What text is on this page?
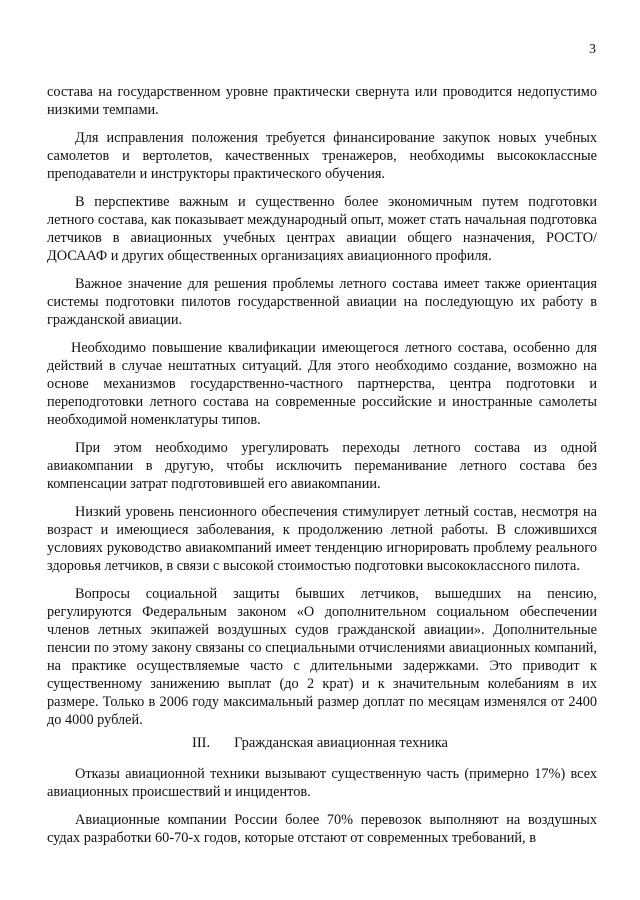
3

состава на государственном уровне практически свернута или проводится недопустимо низкими темпами.

Для исправления положения требуется финансирование закупок новых учебных самолетов и вертолетов, качественных тренажеров, необходимы высококлассные преподаватели и инструкторы практического обучения.

В перспективе важным и существенно более экономичным путем подготовки летного состава, как показывает международный опыт, может стать начальная подготовка летчиков в авиационных учебных центрах авиации общего назначения, РОСТО/ДОСААФ и других общественных организациях авиационного профиля.

Важное значение для решения проблемы летного состава имеет также ориентация системы подготовки пилотов государственной авиации на последующую их работу в гражданской авиации.

Необходимо повышение квалификации имеющегося летного состава, особенно для действий в случае нештатных ситуаций. Для этого необходимо создание, возможно на основе механизмов государственно-частного партнерства, центра подготовки и переподготовки летного состава на современные российские и иностранные самолеты необходимой номенклатуры типов.

При этом необходимо урегулировать переходы летного состава из одной авиакомпании в другую, чтобы исключить переманивание летного состава без компенсации затрат подготовившей его авиакомпании.

Низкий уровень пенсионного обеспечения стимулирует летный состав, несмотря на возраст и имеющиеся заболевания, к продолжению летной работы. В сложившихся условиях руководство авиакомпаний имеет тенденцию игнорировать проблему реального здоровья летчиков, в связи с высокой стоимостью подготовки высококлассного пилота.

Вопросы социальной защиты бывших летчиков, вышедших на пенсию, регулируются Федеральным законом «О дополнительном социальном обеспечении членов летных экипажей воздушных судов гражданской авиации». Дополнительные пенсии по этому закону связаны со специальными отчислениями авиационных компаний, на практике осуществляемые часто с длительными задержками. Это приводит к существенному занижению выплат (до 2 крат) и к значительным колебаниям в их размере. Только в 2006 году максимальный размер доплат по месяцам изменялся от 2400 до 4000 рублей.

III. Гражданская авиационная техника

Отказы авиационной техники вызывают существенную часть (примерно 17%) всех авиационных происшествий и инцидентов.

Авиационные компании России более 70% перевозок выполняют на воздушных судах разработки 60-70-х годов, которые отстают от современных требований, в
